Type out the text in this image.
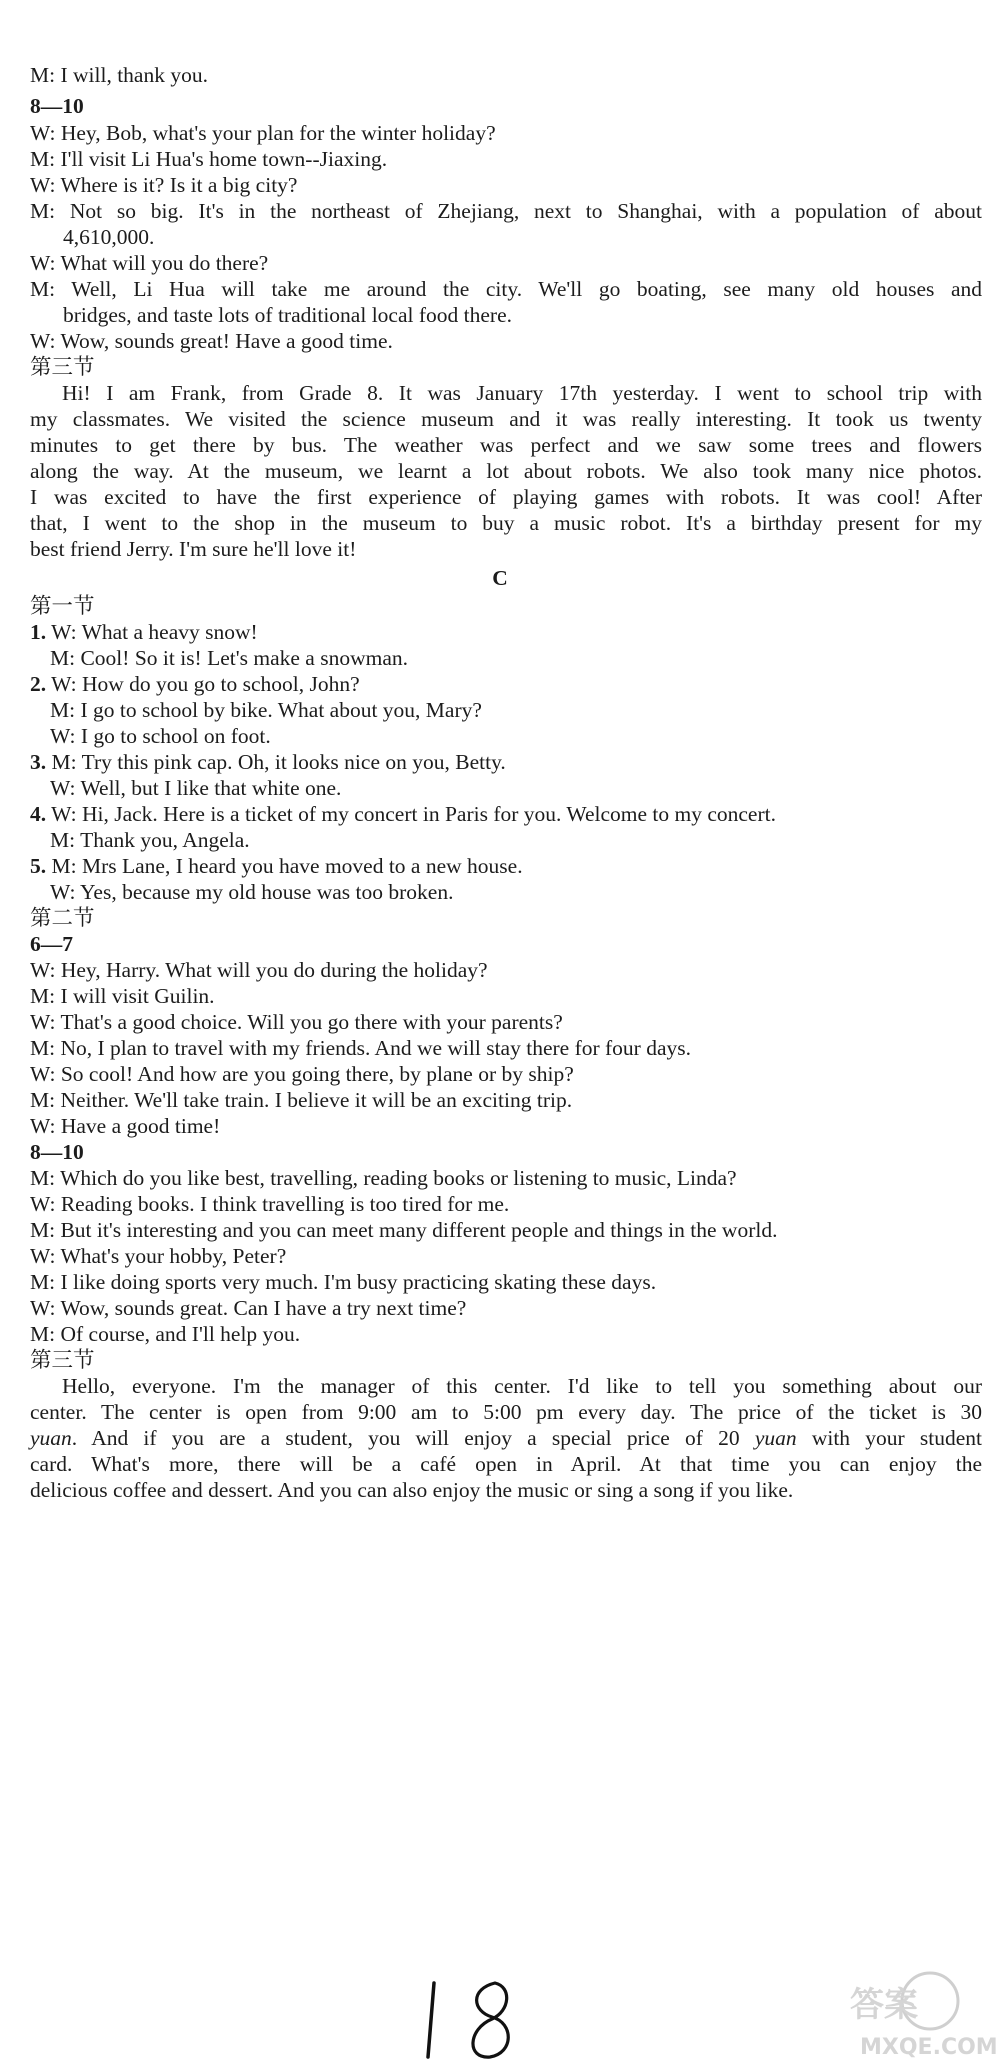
M: I will, thank you.
8—10
W: Hey, Bob, what's your plan for the winter holiday?
M: I'll visit Li Hua's home town--Jiaxing.
W: Where is it? Is it a big city?
M: Not so big. It's in the northeast of Zhejiang, next to Shanghai, with a population of about
4,610,000.
W: What will you do there?
M: Well, Li Hua will take me around the city. We'll go boating, see many old houses and
bridges, and taste lots of traditional local food there.
W: Wow, sounds great! Have a good time.
第三节
Hi! I am Frank, from Grade 8. It was January 17th yesterday. I went to school trip with
my classmates. We visited the science museum and it was really interesting. It took us twenty
minutes to get there by bus. The weather was perfect and we saw some trees and flowers
along the way. At the museum, we learnt a lot about robots. We also took many nice photos.
I was excited to have the first experience of playing games with robots. It was cool! After
that, I went to the shop in the museum to buy a music robot. It's a birthday present for my
best friend Jerry. I'm sure he'll love it!
C
第一节
1. W: What a heavy snow!
M: Cool! So it is! Let's make a snowman.
2. W: How do you go to school, John?
M: I go to school by bike. What about you, Mary?
W: I go to school on foot.
3. M: Try this pink cap. Oh, it looks nice on you, Betty.
W: Well, but I like that white one.
4. W: Hi, Jack. Here is a ticket of my concert in Paris for you. Welcome to my concert.
M: Thank you, Angela.
5. M: Mrs Lane, I heard you have moved to a new house.
W: Yes, because my old house was too broken.
第二节
6—7
W: Hey, Harry. What will you do during the holiday?
M: I will visit Guilin.
W: That's a good choice. Will you go there with your parents?
M: No, I plan to travel with my friends. And we will stay there for four days.
W: So cool! And how are you going there, by plane or by ship?
M: Neither. We'll take train. I believe it will be an exciting trip.
W: Have a good time!
8—10
M: Which do you like best, travelling, reading books or listening to music, Linda?
W: Reading books. I think travelling is too tired for me.
M: But it's interesting and you can meet many different people and things in the world.
W: What's your hobby, Peter?
M: I like doing sports very much. I'm busy practicing skating these days.
W: Wow, sounds great. Can I have a try next time?
M: Of course, and I'll help you.
第三节
Hello, everyone. I'm the manager of this center. I'd like to tell you something about our
center. The center is open from 9:00 am to 5:00 pm every day. The price of the ticket is 30
yuan. And if you are a student, you will enjoy a special price of 20 yuan with your student
card. What's more, there will be a café open in April. At that time you can enjoy the
delicious coffee and dessert. And you can also enjoy the music or sing a song if you like.
答案
MXQE.COM
